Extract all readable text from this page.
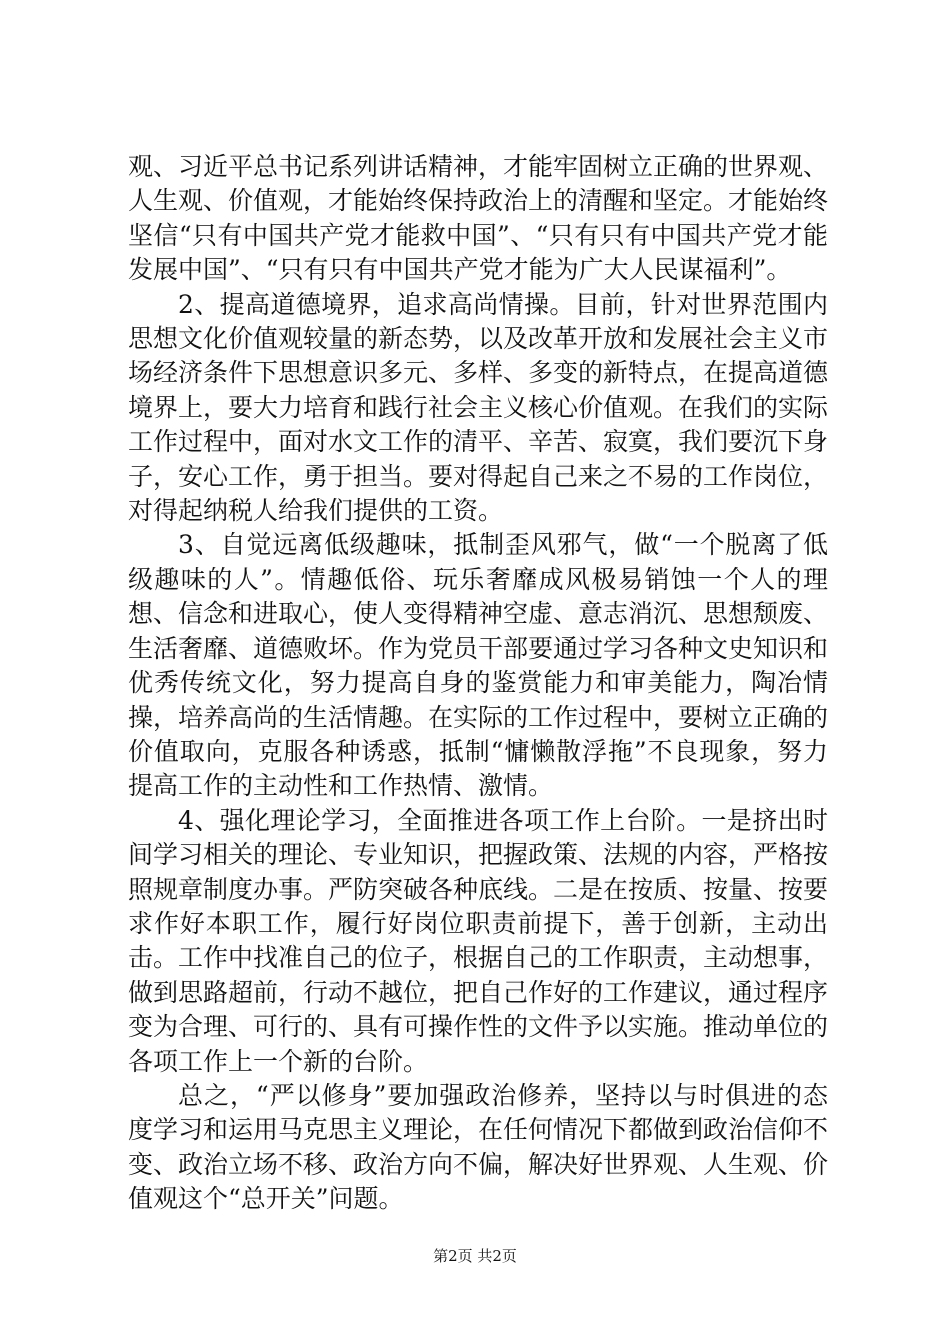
观、习近平总书记系列讲话精神，才能牢固树立正确的世界观、人生观、价值观，才能始终保持政治上的清醒和坚定。才能始终坚信“只有中国共产党才能救中国”、“只有只有中国共产党才能发展中国”、“只有只有中国共产党才能为广大人民谋福利”。

2、提高道德境界，追求高尚情操。目前，针对世界范围内思想文化价值观较量的新态势，以及改革开放和发展社会主义市场经济条件下思想意识多元、多样、多变的新特点，在提高道德境界上，要大力培育和践行社会主义核心价值观。在我们的实际工作过程中，面对水文工作的清平、辛苦、寂寞，我们要沉下身子，安心工作，勇于担当。要对得起自己来之不易的工作岗位，对得起纳税人给我们提供的工资。

3、自觉远离低级趣味，抵制歪风邪气，做“一个脱离了低级趣味的人”。情趣低俗、玩乐奢靡成风极易销蚀一个人的理想、信念和进取心，使人变得精神空虚、意志消沉、思想颓废、生活奢靡、道德败坏。作为党员干部要通过学习各种文史知识和优秀传统文化，努力提高自身的鉴赏能力和审美能力，陶冶情操，培养高尚的生活情趣。在实际的工作过程中，要树立正确的价值取向，克服各种诱惑，抵制“慵懒散浮拖”不良现象，努力提高工作的主动性和工作热情、激情。

4、强化理论学习，全面推进各项工作上台阶。一是挤出时间学习相关的理论、专业知识，把握政策、法规的内容，严格按照规章制度办事。严防突破各种底线。二是在按质、按量、按要求作好本职工作，履行好岗位职责前提下，善于创新，主动出击。工作中找准自己的位子，根据自己的工作职责，主动想事，做到思路超前，行动不越位，把自己作好的工作建议，通过程序变为合理、可行的、具有可操作性的文件予以实施。推动单位的各项工作上一个新的台阶。

总之，“严以修身”要加强政治修养，坚持以与时俱进的态度学习和运用马克思主义理论，在任何情况下都做到政治信仰不变、政治立场不移、政治方向不偏，解决好世界观、人生观、价值观这个“总开关”问题。

第2页 共2页
